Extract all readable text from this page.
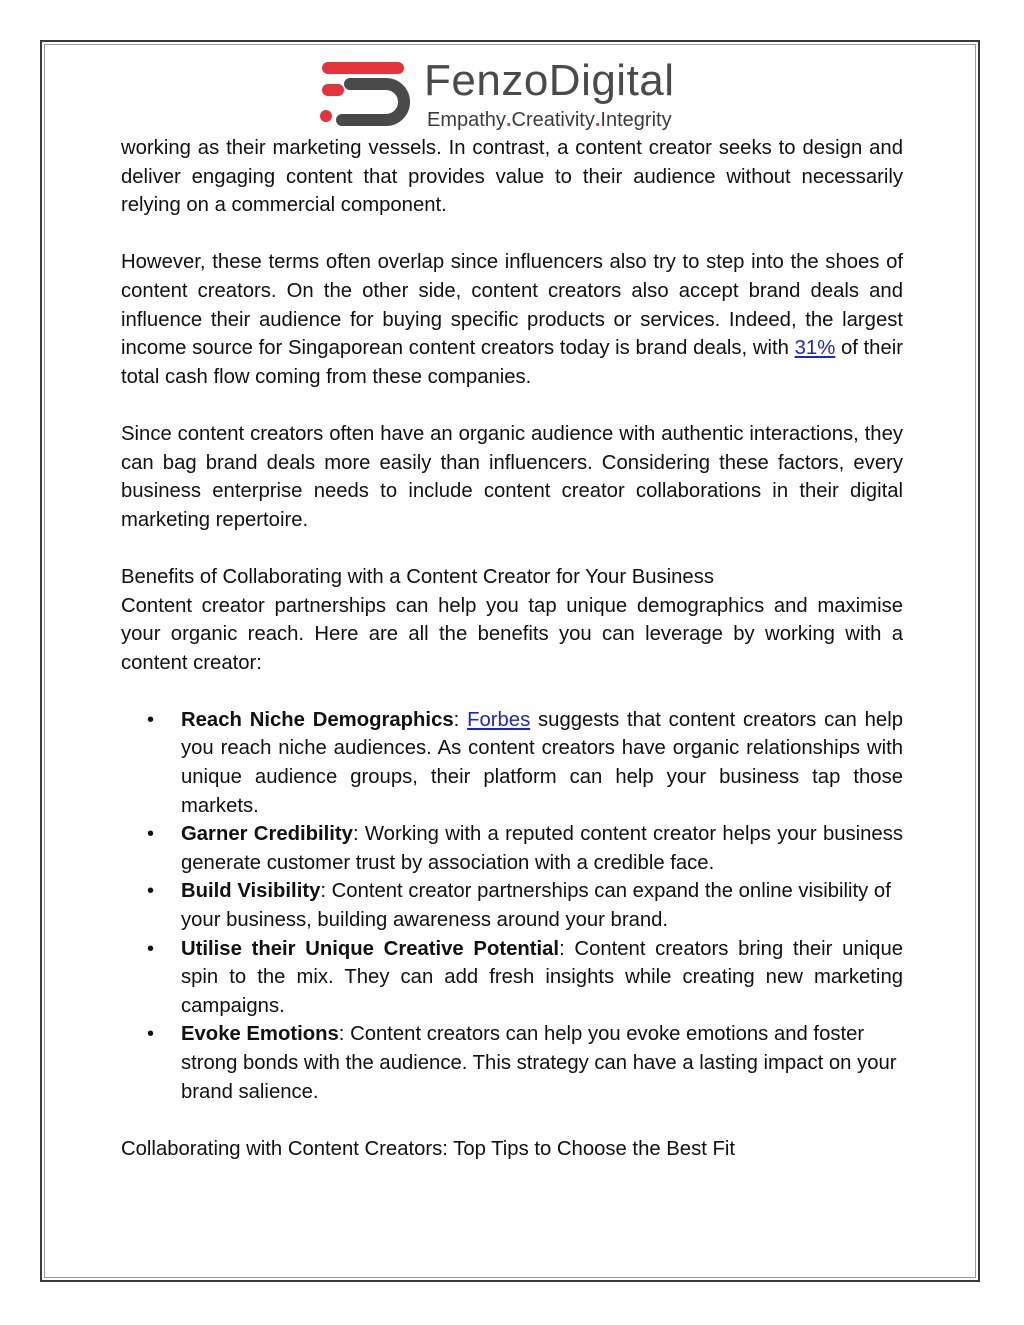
FenzoDigital
Empathy.Creativity.Integrity

working as their marketing vessels. In contrast, a content creator seeks to design and deliver engaging content that provides value to their audience without necessarily relying on a commercial component.

However, these terms often overlap since influencers also try to step into the shoes of content creators. On the other side, content creators also accept brand deals and influence their audience for buying specific products or services. Indeed, the largest income source for Singaporean content creators today is brand deals, with 31% of their total cash flow coming from these companies.

Since content creators often have an organic audience with authentic interactions, they can bag brand deals more easily than influencers. Considering these factors, every business enterprise needs to include content creator collaborations in their digital marketing repertoire.

Benefits of Collaborating with a Content Creator for Your Business

Content creator partnerships can help you tap unique demographics and maximise your organic reach. Here are all the benefits you can leverage by working with a content creator:

• Reach Niche Demographics: Forbes suggests that content creators can help you reach niche audiences. As content creators have organic relationships with unique audience groups, their platform can help your business tap those markets.
• Garner Credibility: Working with a reputed content creator helps your business generate customer trust by association with a credible face.
• Build Visibility: Content creator partnerships can expand the online visibility of your business, building awareness around your brand.
• Utilise their Unique Creative Potential: Content creators bring their unique spin to the mix. They can add fresh insights while creating new marketing campaigns.
• Evoke Emotions: Content creators can help you evoke emotions and foster strong bonds with the audience. This strategy can have a lasting impact on your brand salience.

Collaborating with Content Creators: Top Tips to Choose the Best Fit
